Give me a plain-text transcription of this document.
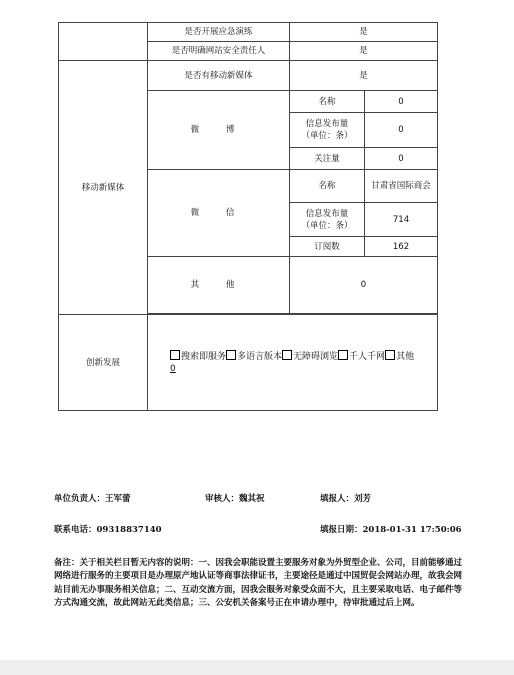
	是否开展应急演练	是	
	是否明确网站安全责任人	是	
移动新媒体	是否有移动新媒体	是	
	微 博	名称	0
		信息发布量
（单位：条）	0
		关注量	0
	微 信	名称	甘肃省国际商会
		信息发布量
（单位：条）	714
		订阅数	162
	其 他	0	

创新发展	搜索即服务 多语言版本 无障碍浏览 千人千网 其他
0		
单位负责人：王军蕾	审核人：魏其祝	填报人：刘芳
联系电话：09318837140	填报日期：2018-01-31 17:50:06
备注：关于相关栏目暂无内容的说明：一、因我会职能设置主要服务对象为外贸型企业、公司，目前能够通过网络进行服务的主要项目是办理原产地认证等商事法律证书，主要途径是通过中国贸促会网站办理，故我会网站目前无办事服务相关信息；二、互动交流方面，因我会服务对象受众面不大，且主要采取电话、电子邮件等方式沟通交流，故此网站无此类信息；三、公安机关备案号正在申请办理中，待审批通过后上网。
